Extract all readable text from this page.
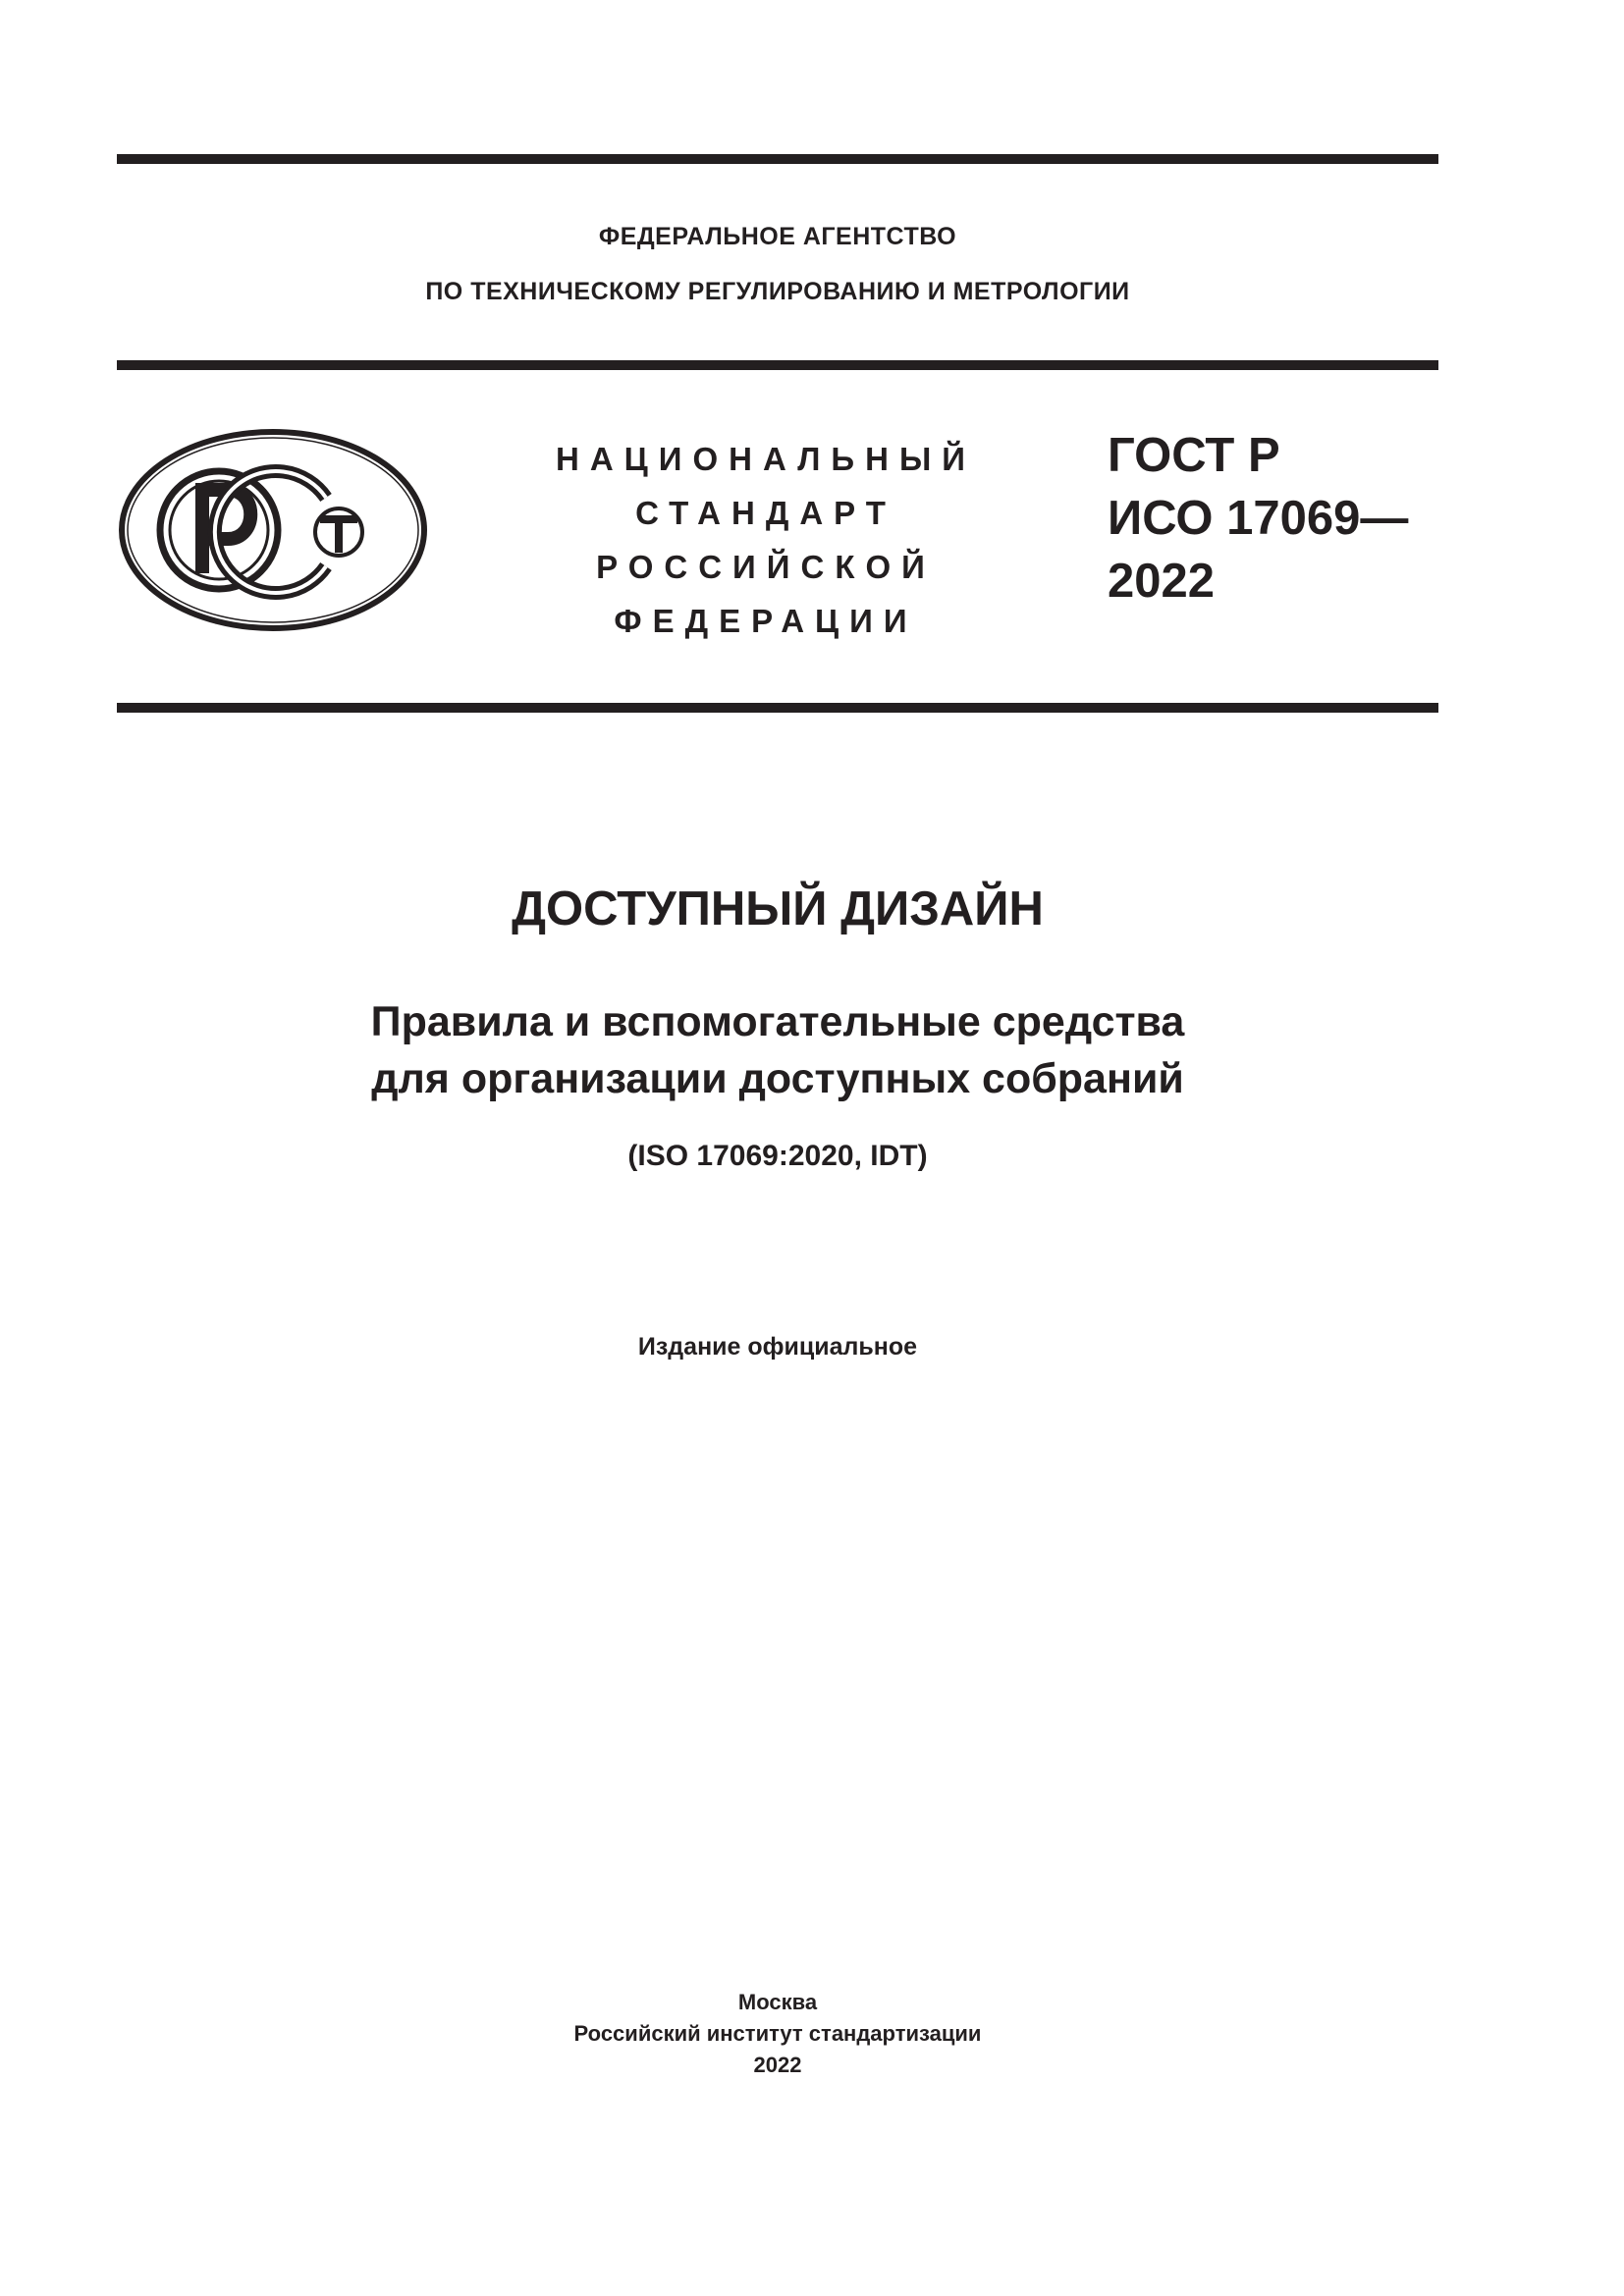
ФЕДЕРАЛЬНОЕ АГЕНТСТВО
ПО ТЕХНИЧЕСКОМУ РЕГУЛИРОВАНИЮ И МЕТРОЛОГИИ
НАЦИОНАЛЬНЫЙ
СТАНДАРТ
РОССИЙСКОЙ
ФЕДЕРАЦИИ
ГОСТ Р
ИСО 17069—
2022
ДОСТУПНЫЙ ДИЗАЙН
Правила и вспомогательные средства
для организации доступных собраний
(ISO 17069:2020, IDT)
Издание официальное
Москва
Российский институт стандартизации
2022
